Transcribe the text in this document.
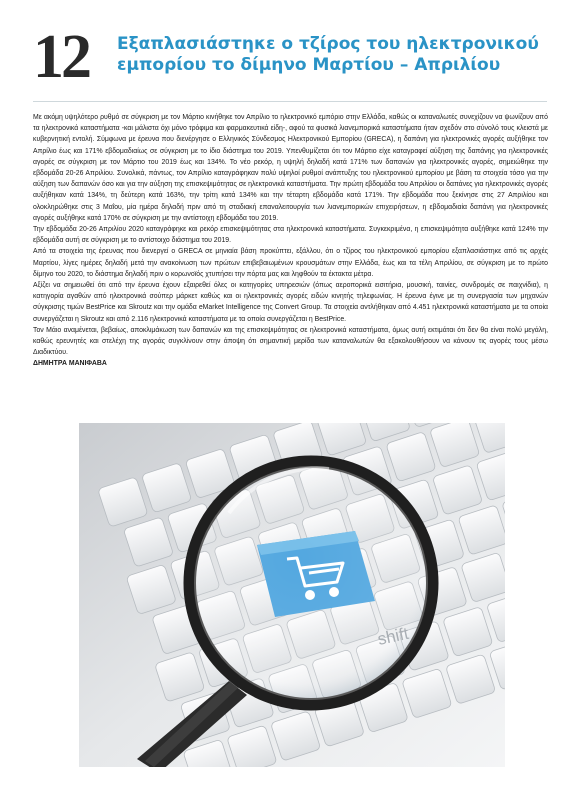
12 Εξαπλασιάστηκε ο τζίρος του ηλεκτρονικού εμπορίου το δίμηνο Μαρτίου – Απριλίου

Με ακόμη υψηλότερο ρυθμό σε σύγκριση με τον Μάρτιο κινήθηκε τον Απρίλιο το ηλεκτρονικό εμπόριο στην Ελλάδα, καθώς οι καταναλωτές συνεχίζουν να ψωνίζουν από τα ηλεκτρονικά καταστήματα -και μάλιστα όχι μόνο τρόφιμα και φαρμακευτικά είδη-, αφού τα φυσικά λιανεμπορικά καταστήματα ήταν σχεδόν στο σύνολό τους κλειστά με κυβερνητική εντολή. Σύμφωνα με έρευνα που διενέργησε ο Ελληνικός Σύνδεσμος Ηλεκτρονικού Εμπορίου (GRECA), η δαπάνη για ηλεκτρονικές αγορές αυξήθηκε τον Απρίλιο έως και 171% εβδομαδιαίως σε σύγκριση με το ίδιο διάστημα του 2019. Υπενθυμίζεται ότι τον Μάρτιο είχε καταγραφεί αύξηση της δαπάνης για ηλεκτρονικές αγορές σε σύγκριση με τον Μάρτιο του 2019 έως και 134%. Το νέο ρεκόρ, η υψηλή δηλαδή κατά 171% των δαπανών για ηλεκτρονικές αγορές, σημειώθηκε την εβδομάδα 20-26 Απριλίου. Συνολικά, πάντως, τον Απρίλιο καταγράφηκαν πολύ υψηλοί ρυθμοί ανάπτυξης του ηλεκτρονικού εμπορίου με βάση τα στοιχεία τόσο για την αύξηση των δαπανών όσο και για την αύξηση της επισκεψιμότητας σε ηλεκτρονικά καταστήματα. Την πρώτη εβδομάδα του Απριλίου οι δαπάνες για ηλεκτρονικές αγορές αυξήθηκαν κατά 134%, τη δεύτερη κατά 163%, την τρίτη κατά 134% και την τέταρτη εβδομάδα κατά 171%. Την εβδομάδα που ξεκίνησε στις 27 Απριλίου και ολοκληρώθηκε στις 3 Μαΐου, μία ημέρα δηλαδή πριν από τη σταδιακή επαναλειτουργία των λιανεμπορικών επιχειρήσεων, η εβδομαδιαία δαπάνη για ηλεκτρονικές αγορές αυξήθηκε κατά 170% σε σύγκριση με την αντίστοιχη εβδομάδα του 2019.

Την εβδομάδα 20-26 Απριλίου 2020 καταγράφηκε και ρεκόρ επισκεψιμότητας στα ηλεκτρονικά καταστήματα. Συγκεκριμένα, η επισκεψιμότητα αυξήθηκε κατά 124% την εβδομάδα αυτή σε σύγκριση με το αντίστοιχο διάστημα του 2019.

Από τα στοιχεία της έρευνας που διενεργεί ο GRECA σε μηνιαία βάση προκύπτει, εξάλλου, ότι ο τζίρος του ηλεκτρονικού εμπορίου εξαπλασιάστηκε από τις αρχές Μαρτίου, λίγες ημέρες δηλαδή μετά την ανακοίνωση των πρώτων επιβεβαιωμένων κρουσμάτων στην Ελλάδα, έως και τα τέλη Απριλίου, σε σύγκριση με το πρώτο δίμηνο του 2020, το διάστημα δηλαδή πριν ο κορωνοϊός χτυπήσει την πόρτα μας και ληφθούν τα έκτακτα μέτρα.

Αξίζει να σημειωθεί ότι από την έρευνα έχουν εξαιρεθεί όλες οι κατηγορίες υπηρεσιών (όπως αεροπορικά εισιτήρια, μουσική, ταινίες, συνδρομές σε παιχνίδια), η κατηγορία αγαθών από ηλεκτρονικά σούπερ μάρκετ καθώς και οι ηλεκτρονικές αγορές ειδών κινητής τηλεφωνίας. Η έρευνα έγινε με τη συνεργασία των μηχανών σύγκρισης τιμών BestPrice και Skroutz και την ομάδα eMarket Intelligence της Convert Group. Τα στοιχεία αντλήθηκαν από 4.451 ηλεκτρονικά καταστήματα με τα οποία συνεργάζεται η Skroutz και από 2.116 ηλεκτρονικά καταστήματα με τα οποία συνεργάζεται η BestPrice.

Τον Μάιο αναμένεται, βεβαίως, αποκλιμάκωση των δαπανών και της επισκεψιμότητας σε ηλεκτρονικά καταστήματα, όμως αυτή εκτιμάται ότι δεν θα είναι πολύ μεγάλη, καθώς ερευνητές και στελέχη της αγοράς συγκλίνουν στην άποψη ότι σημαντική μερίδα των καταναλωτών θα εξακολουθήσουν να κάνουν τις αγορές τους μέσω Διαδικτύου.

ΔΗΜΗΤΡΑ ΜΑΝΙΦΑΒΑ
